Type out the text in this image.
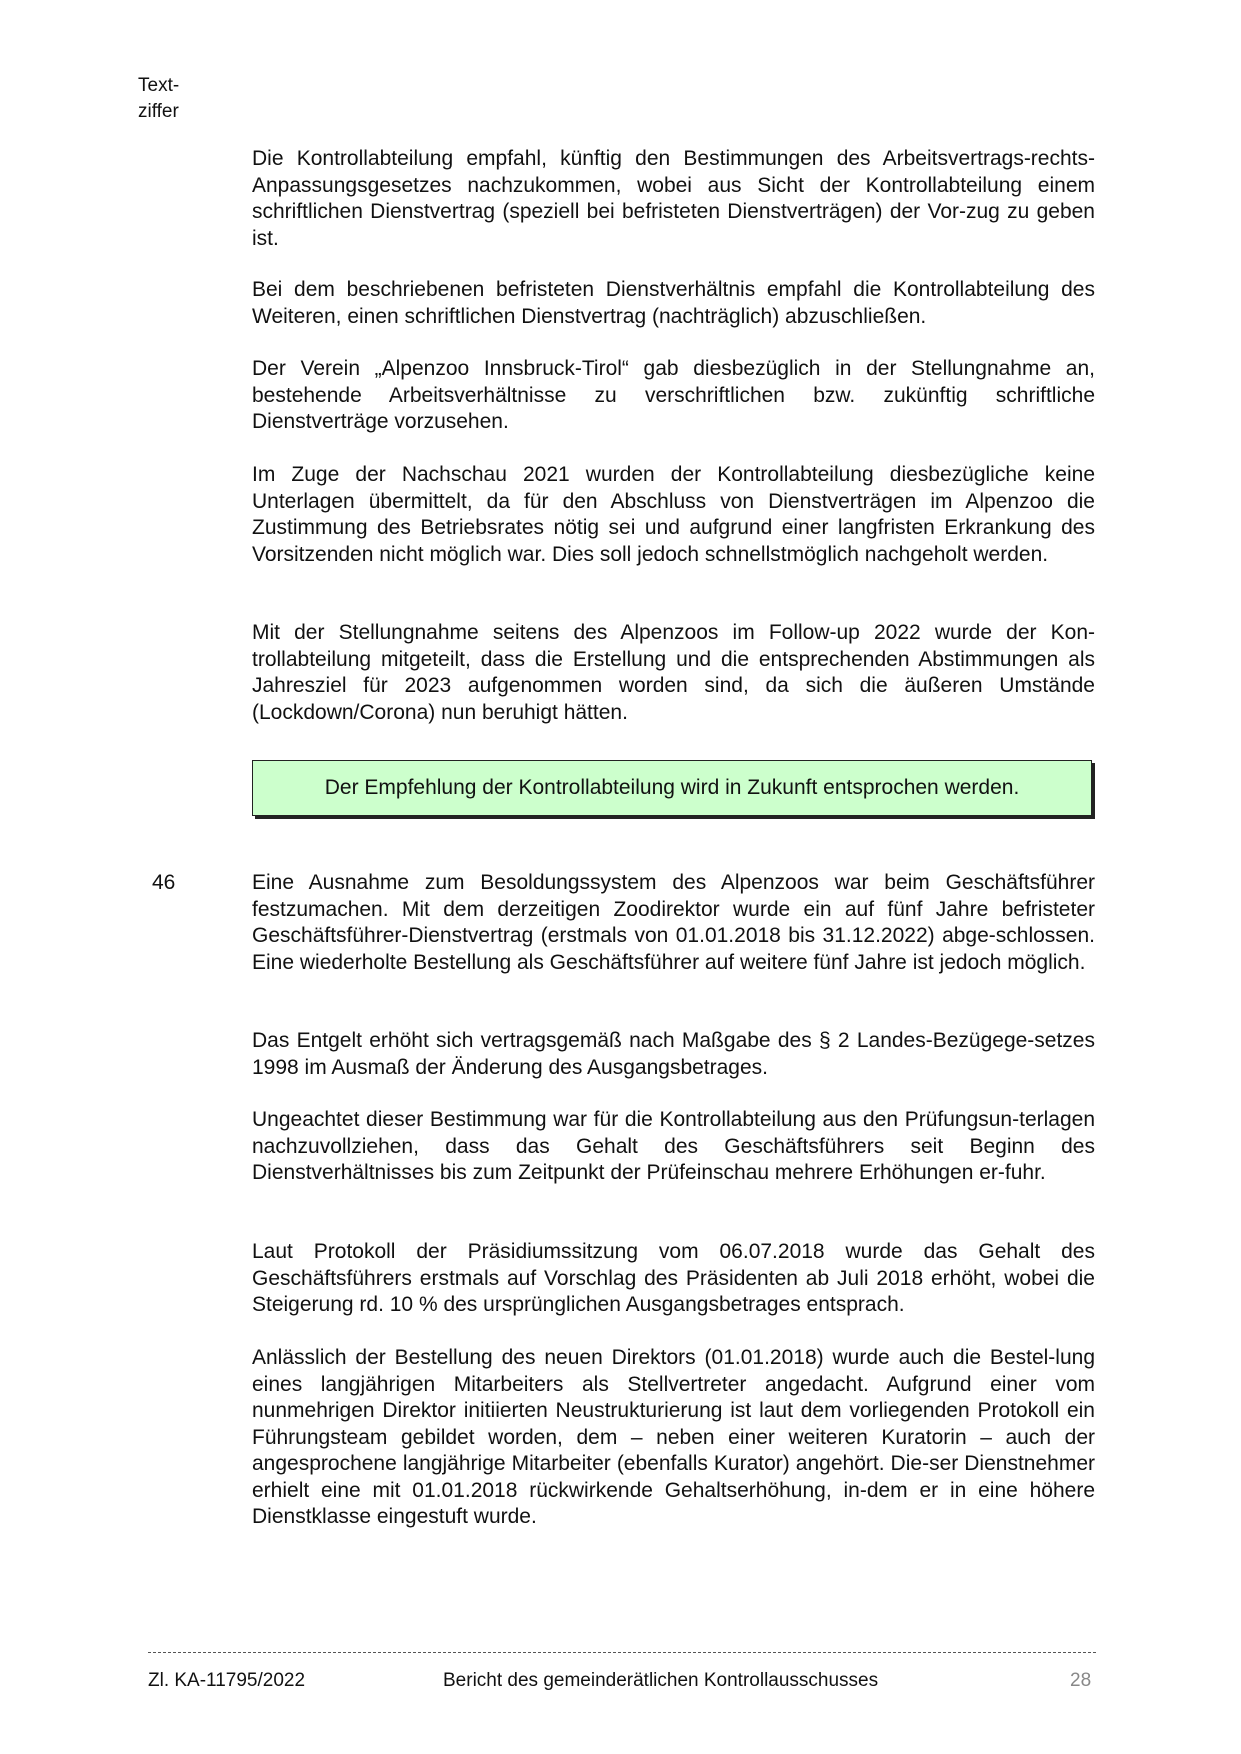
Text-
ziffer

Die Kontrollabteilung empfahl, künftig den Bestimmungen des Arbeitsvertrags-rechts-Anpassungsgesetzes nachzukommen, wobei aus Sicht der Kontrollabteilung einem schriftlichen Dienstvertrag (speziell bei befristeten Dienstverträgen) der Vor-zug zu geben ist.

Bei dem beschriebenen befristeten Dienstverhältnis empfahl die Kontrollabteilung des Weiteren, einen schriftlichen Dienstvertrag (nachträglich) abzuschließen.

Der Verein „Alpenzoo Innsbruck-Tirol“ gab diesbezüglich in der Stellungnahme an, bestehende Arbeitsverhältnisse zu verschriftlichen bzw. zukünftig schriftliche Dienstverträge vorzusehen.

Im Zuge der Nachschau 2021 wurden der Kontrollabteilung diesbezügliche keine Unterlagen übermittelt, da für den Abschluss von Dienstverträgen im Alpenzoo die Zustimmung des Betriebsrates nötig sei und aufgrund einer langfristen Erkrankung des Vorsitzenden nicht möglich war. Dies soll jedoch schnellstmöglich nachgeholt werden.

Mit der Stellungnahme seitens des Alpenzoos im Follow-up 2022 wurde der Kon-trollabteilung mitgeteilt, dass die Erstellung und die entsprechenden Abstimmungen als Jahresziel für 2023 aufgenommen worden sind, da sich die äußeren Umstände (Lockdown/Corona) nun beruhigt hätten.

Der Empfehlung der Kontrollabteilung wird in Zukunft entsprochen werden.
46	Eine Ausnahme zum Besoldungssystem des Alpenzoos war beim Geschäftsführer festzumachen. Mit dem derzeitigen Zoodirektor wurde ein auf fünf Jahre befristeter Geschäftsführer-Dienstvertrag (erstmals von 01.01.2018 bis 31.12.2022) abge-schlossen. Eine wiederholte Bestellung als Geschäftsführer auf weitere fünf Jahre ist jedoch möglich.

Das Entgelt erhöht sich vertragsgemäß nach Maßgabe des § 2 Landes-Bezügege-setzes 1998 im Ausmaß der Änderung des Ausgangsbetrages.

Ungeachtet dieser Bestimmung war für die Kontrollabteilung aus den Prüfungsun-terlagen nachzuvollziehen, dass das Gehalt des Geschäftsführers seit Beginn des Dienstverhältnisses bis zum Zeitpunkt der Prüfeinschau mehrere Erhöhungen er-fuhr.

Laut Protokoll der Präsidiumssitzung vom 06.07.2018 wurde das Gehalt des Geschäftsführers erstmals auf Vorschlag des Präsidenten ab Juli 2018 erhöht, wobei die Steigerung rd. 10 % des ursprünglichen Ausgangsbetrages entsprach.

Anlässlich der Bestellung des neuen Direktors (01.01.2018) wurde auch die Bestel-lung eines langjährigen Mitarbeiters als Stellvertreter angedacht. Aufgrund einer vom nunmehrigen Direktor initiierten Neustrukturierung ist laut dem vorliegenden Protokoll ein Führungsteam gebildet worden, dem – neben einer weiteren Kuratorin – auch der angesprochene langjährige Mitarbeiter (ebenfalls Kurator) angehört. Die-ser Dienstnehmer erhielt eine mit 01.01.2018 rückwirkende Gehaltserhöhung, in-dem er in eine höhere Dienstklasse eingestuft wurde.

Zl. KA-11795/2022	Bericht des gemeinderätlichen Kontrollausschusses	28
